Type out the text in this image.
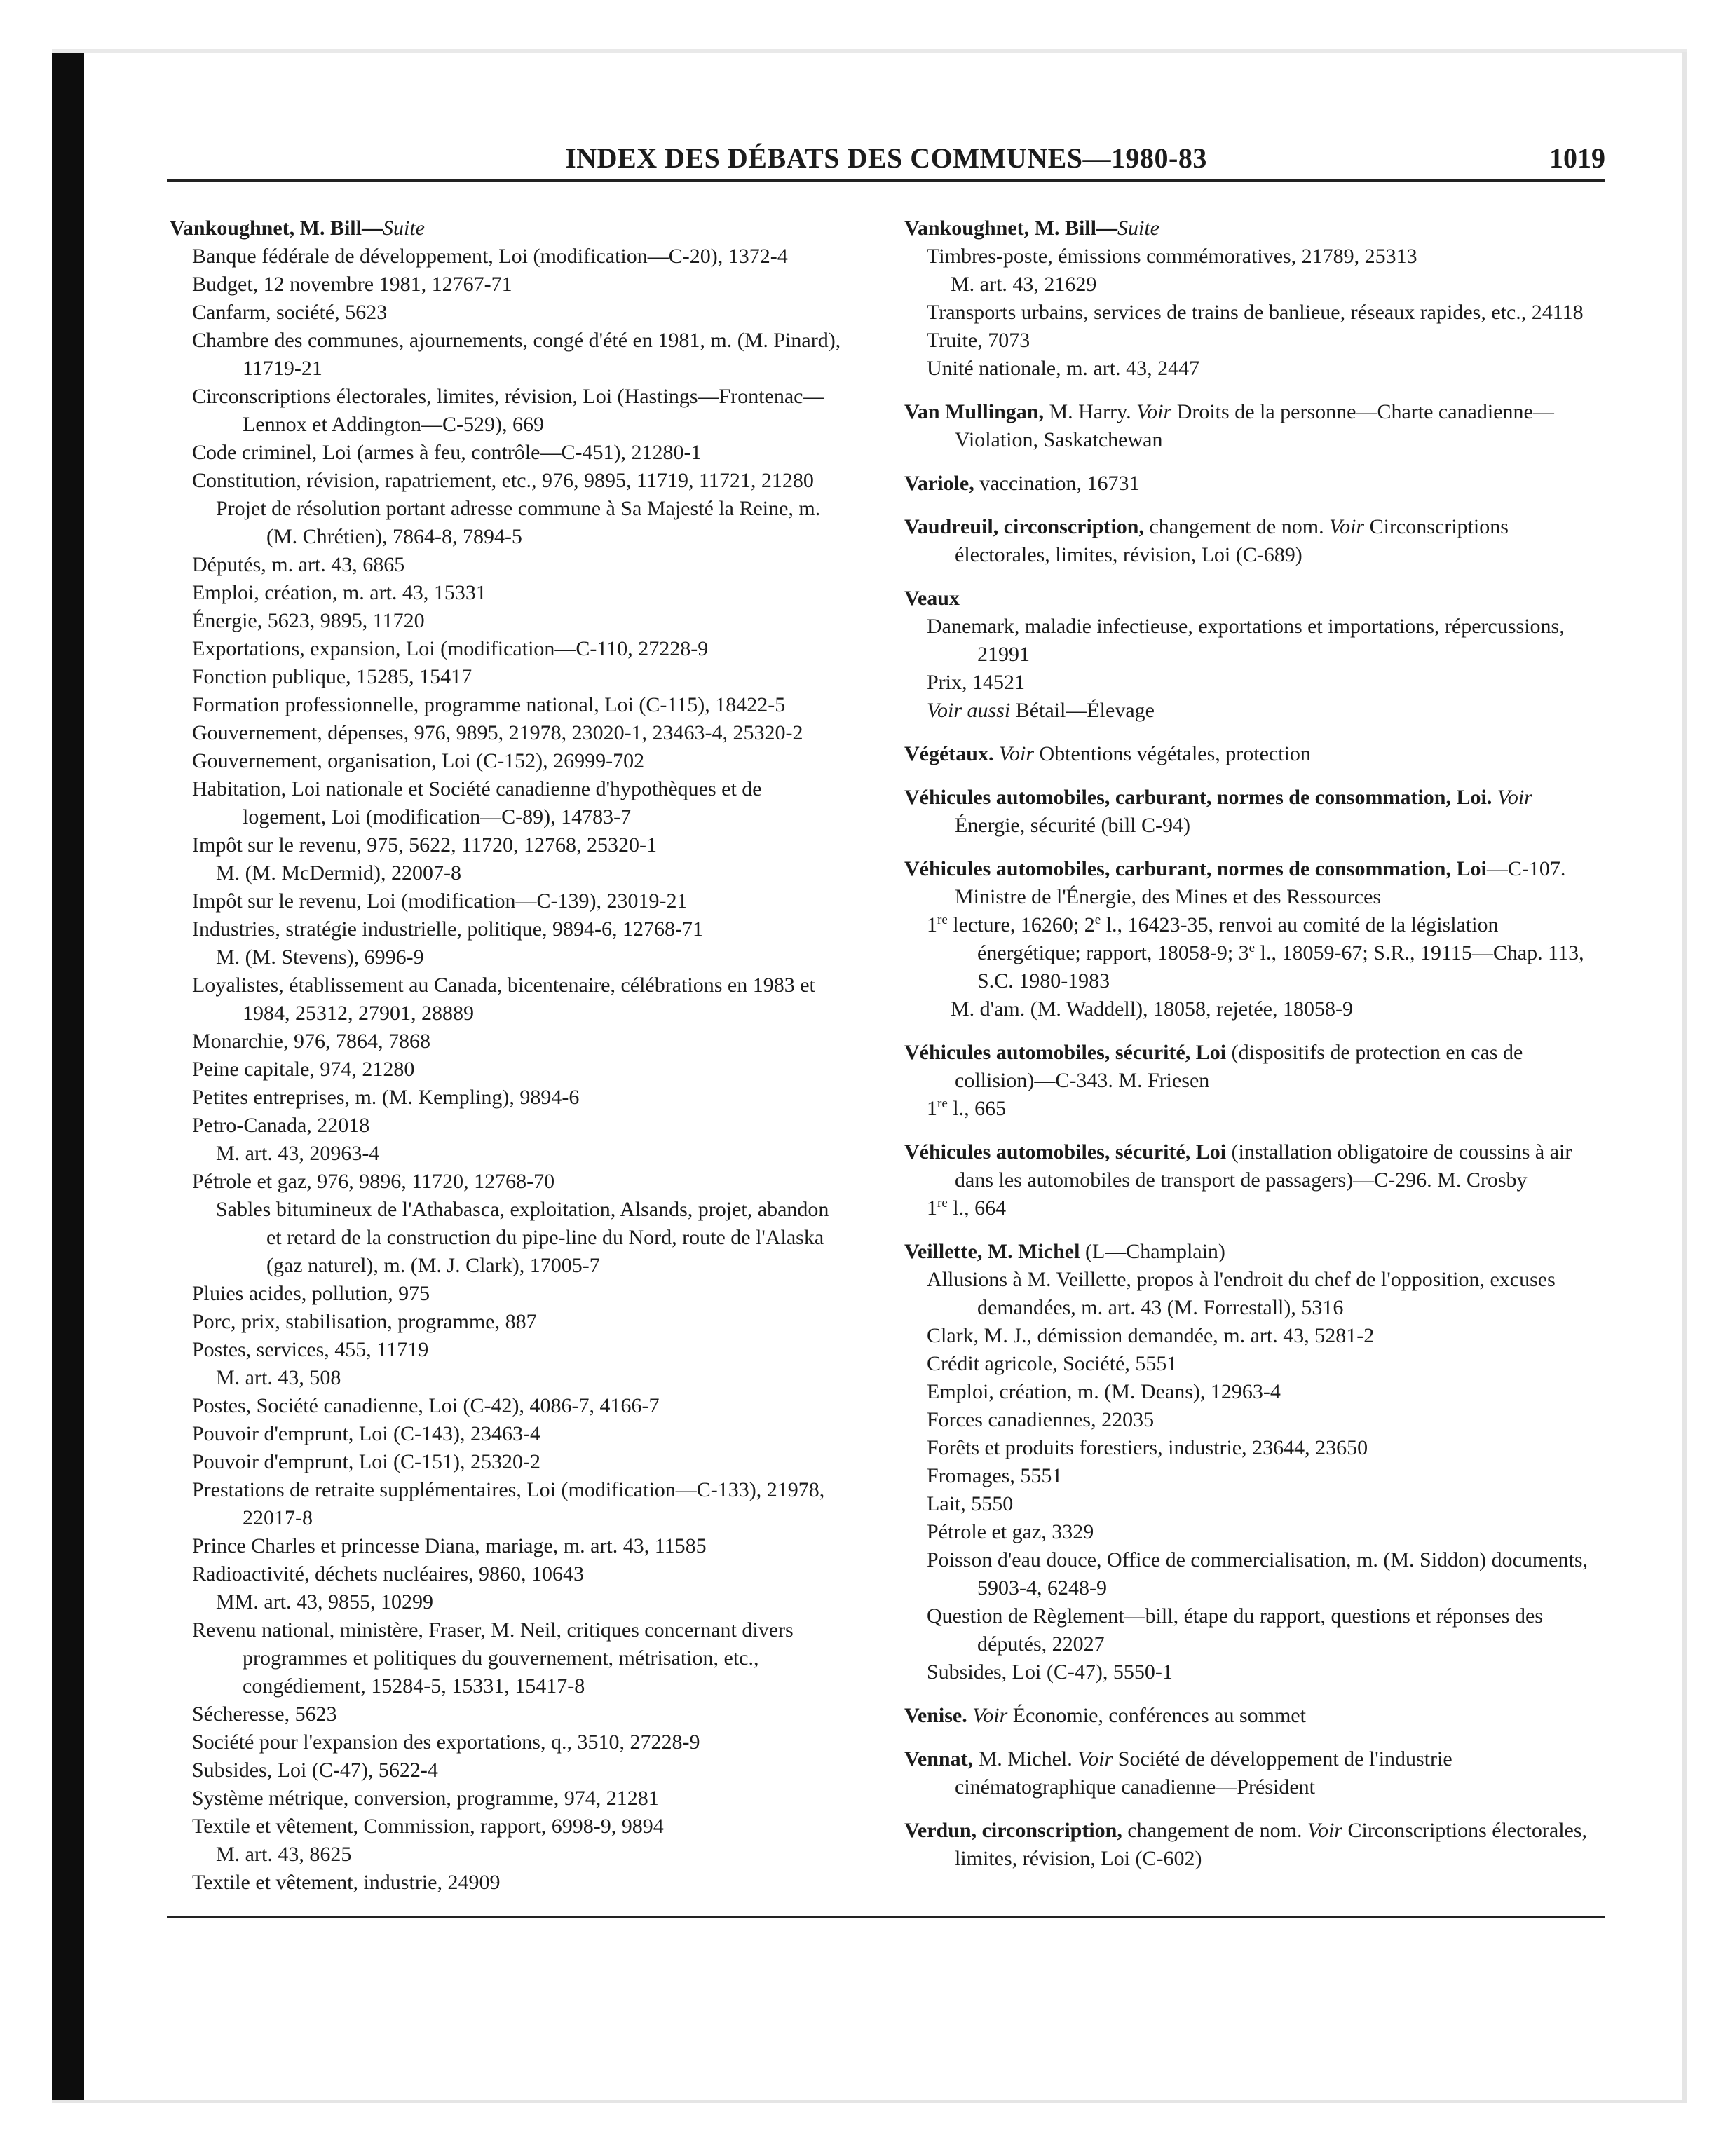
INDEX DES DÉBATS DES COMMUNES—1980-83	1019

Vankoughnet, M. Bill—Suite

Banque fédérale de développement, Loi (modification—C-20), 1372-4

Budget, 12 novembre 1981, 12767-71

Canfarm, société, 5623

Chambre des communes, ajournements, congé d'été en 1981, m. (M. Pinard), 11719-21

Circonscriptions électorales, limites, révision, Loi (Hastings—Frontenac—Lennox et Addington—C-529), 669

Code criminel, Loi (armes à feu, contrôle—C-451), 21280-1

Constitution, révision, rapatriement, etc., 976, 9895, 11719, 11721, 21280

Projet de résolution portant adresse commune à Sa Majesté la Reine, m. (M. Chrétien), 7864-8, 7894-5

Députés, m. art. 43, 6865

Emploi, création, m. art. 43, 15331

Énergie, 5623, 9895, 11720

Exportations, expansion, Loi (modification—C-110, 27228-9

Fonction publique, 15285, 15417

Formation professionnelle, programme national, Loi (C-115), 18422-5

Gouvernement, dépenses, 976, 9895, 21978, 23020-1, 23463-4, 25320-2

Gouvernement, organisation, Loi (C-152), 26999-702

Habitation, Loi nationale et Société canadienne d'hypothèques et de logement, Loi (modification—C-89), 14783-7

Impôt sur le revenu, 975, 5622, 11720, 12768, 25320-1

M. (M. McDermid), 22007-8

Impôt sur le revenu, Loi (modification—C-139), 23019-21

Industries, stratégie industrielle, politique, 9894-6, 12768-71

M. (M. Stevens), 6996-9

Loyalistes, établissement au Canada, bicentenaire, célébrations en 1983 et 1984, 25312, 27901, 28889

Monarchie, 976, 7864, 7868

Peine capitale, 974, 21280

Petites entreprises, m. (M. Kempling), 9894-6

Petro-Canada, 22018

M. art. 43, 20963-4

Pétrole et gaz, 976, 9896, 11720, 12768-70

Sables bitumineux de l'Athabasca, exploitation, Alsands, projet, abandon et retard de la construction du pipe-line du Nord, route de l'Alaska (gaz naturel), m. (M. J. Clark), 17005-7

Pluies acides, pollution, 975

Porc, prix, stabilisation, programme, 887

Postes, services, 455, 11719

M. art. 43, 508

Postes, Société canadienne, Loi (C-42), 4086-7, 4166-7

Pouvoir d'emprunt, Loi (C-143), 23463-4

Pouvoir d'emprunt, Loi (C-151), 25320-2

Prestations de retraite supplémentaires, Loi (modification—C-133), 21978, 22017-8

Prince Charles et princesse Diana, mariage, m. art. 43, 11585

Radioactivité, déchets nucléaires, 9860, 10643

MM. art. 43, 9855, 10299

Revenu national, ministère, Fraser, M. Neil, critiques concernant divers programmes et politiques du gouvernement, métrisation, etc., congédiement, 15284-5, 15331, 15417-8

Sécheresse, 5623

Société pour l'expansion des exportations, q., 3510, 27228-9

Subsides, Loi (C-47), 5622-4

Système métrique, conversion, programme, 974, 21281

Textile et vêtement, Commission, rapport, 6998-9, 9894

M. art. 43, 8625

Textile et vêtement, industrie, 24909

Vankoughnet, M. Bill—Suite

Timbres-poste, émissions commémoratives, 21789, 25313

M. art. 43, 21629

Transports urbains, services de trains de banlieue, réseaux rapides, etc., 24118

Truite, 7073

Unité nationale, m. art. 43, 2447

Van Mullingan, M. Harry. Voir Droits de la personne—Charte canadienne—Violation, Saskatchewan

Variole, vaccination, 16731

Vaudreuil, circonscription, changement de nom. Voir Circonscriptions électorales, limites, révision, Loi (C-689)

Veaux

Danemark, maladie infectieuse, exportations et importations, répercussions, 21991

Prix, 14521

Voir aussi Bétail—Élevage

Végétaux. Voir Obtentions végétales, protection

Véhicules automobiles, carburant, normes de consommation, Loi. Voir Énergie, sécurité (bill C-94)

Véhicules automobiles, carburant, normes de consommation, Loi—C-107. Ministre de l'Énergie, des Mines et des Ressources

1re lecture, 16260; 2e l., 16423-35, renvoi au comité de la législation énergétique; rapport, 18058-9; 3e l., 18059-67; S.R., 19115—Chap. 113, S.C. 1980-1983

M. d'am. (M. Waddell), 18058, rejetée, 18058-9

Véhicules automobiles, sécurité, Loi (dispositifs de protection en cas de collision)—C-343. M. Friesen

1re l., 665

Véhicules automobiles, sécurité, Loi (installation obligatoire de coussins à air dans les automobiles de transport de passagers)—C-296. M. Crosby

1re l., 664

Veillette, M. Michel (L—Champlain)

Allusions à M. Veillette, propos à l'endroit du chef de l'opposition, excuses demandées, m. art. 43 (M. Forrestall), 5316

Clark, M. J., démission demandée, m. art. 43, 5281-2

Crédit agricole, Société, 5551

Emploi, création, m. (M. Deans), 12963-4

Forces canadiennes, 22035

Forêts et produits forestiers, industrie, 23644, 23650

Fromages, 5551

Lait, 5550

Pétrole et gaz, 3329

Poisson d'eau douce, Office de commercialisation, m. (M. Siddon) documents, 5903-4, 6248-9

Question de Règlement—bill, étape du rapport, questions et réponses des députés, 22027

Subsides, Loi (C-47), 5550-1

Venise. Voir Économie, conférences au sommet

Vennat, M. Michel. Voir Société de développement de l'industrie cinématographique canadienne—Président

Verdun, circonscription, changement de nom. Voir Circonscriptions électorales, limites, révision, Loi (C-602)
